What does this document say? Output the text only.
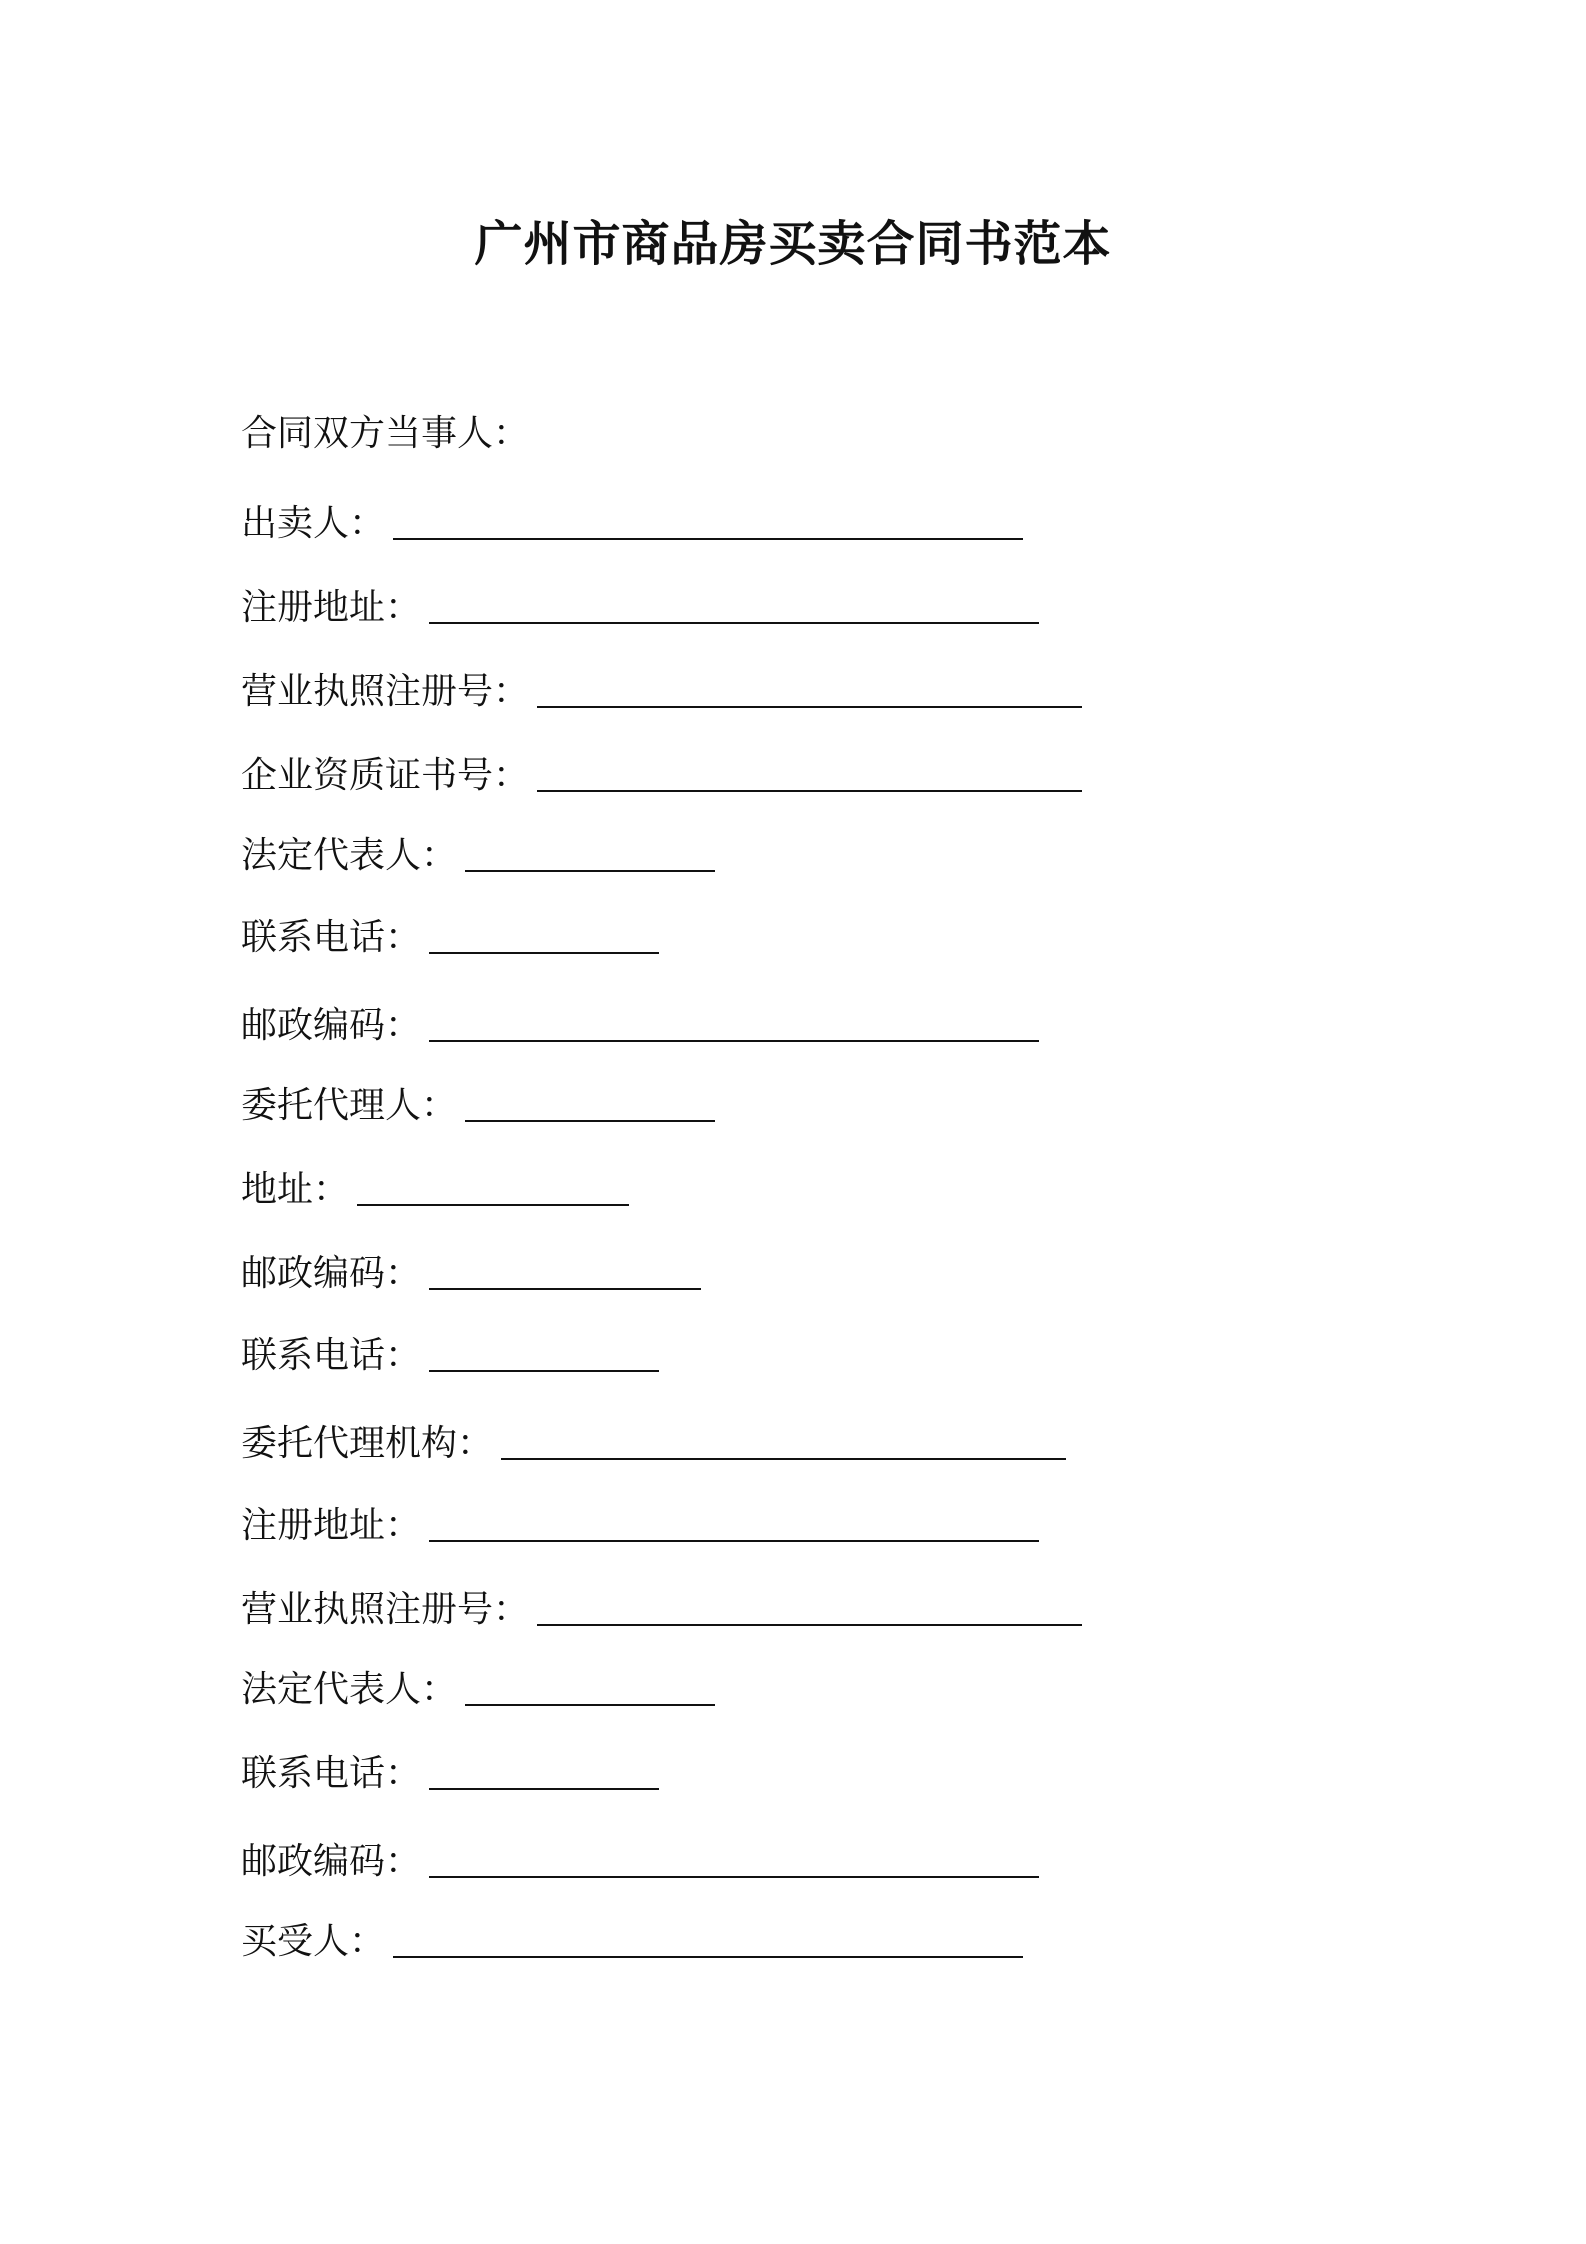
广州市商品房买卖合同书范本
合同双方当事人：
出卖人：
注册地址：
营业执照注册号：
企业资质证书号：
法定代表人：
联系电话：
邮政编码：
委托代理人：
地址：
邮政编码：
联系电话：
委托代理机构：
注册地址：
营业执照注册号：
法定代表人：
联系电话：
邮政编码：
买受人：
